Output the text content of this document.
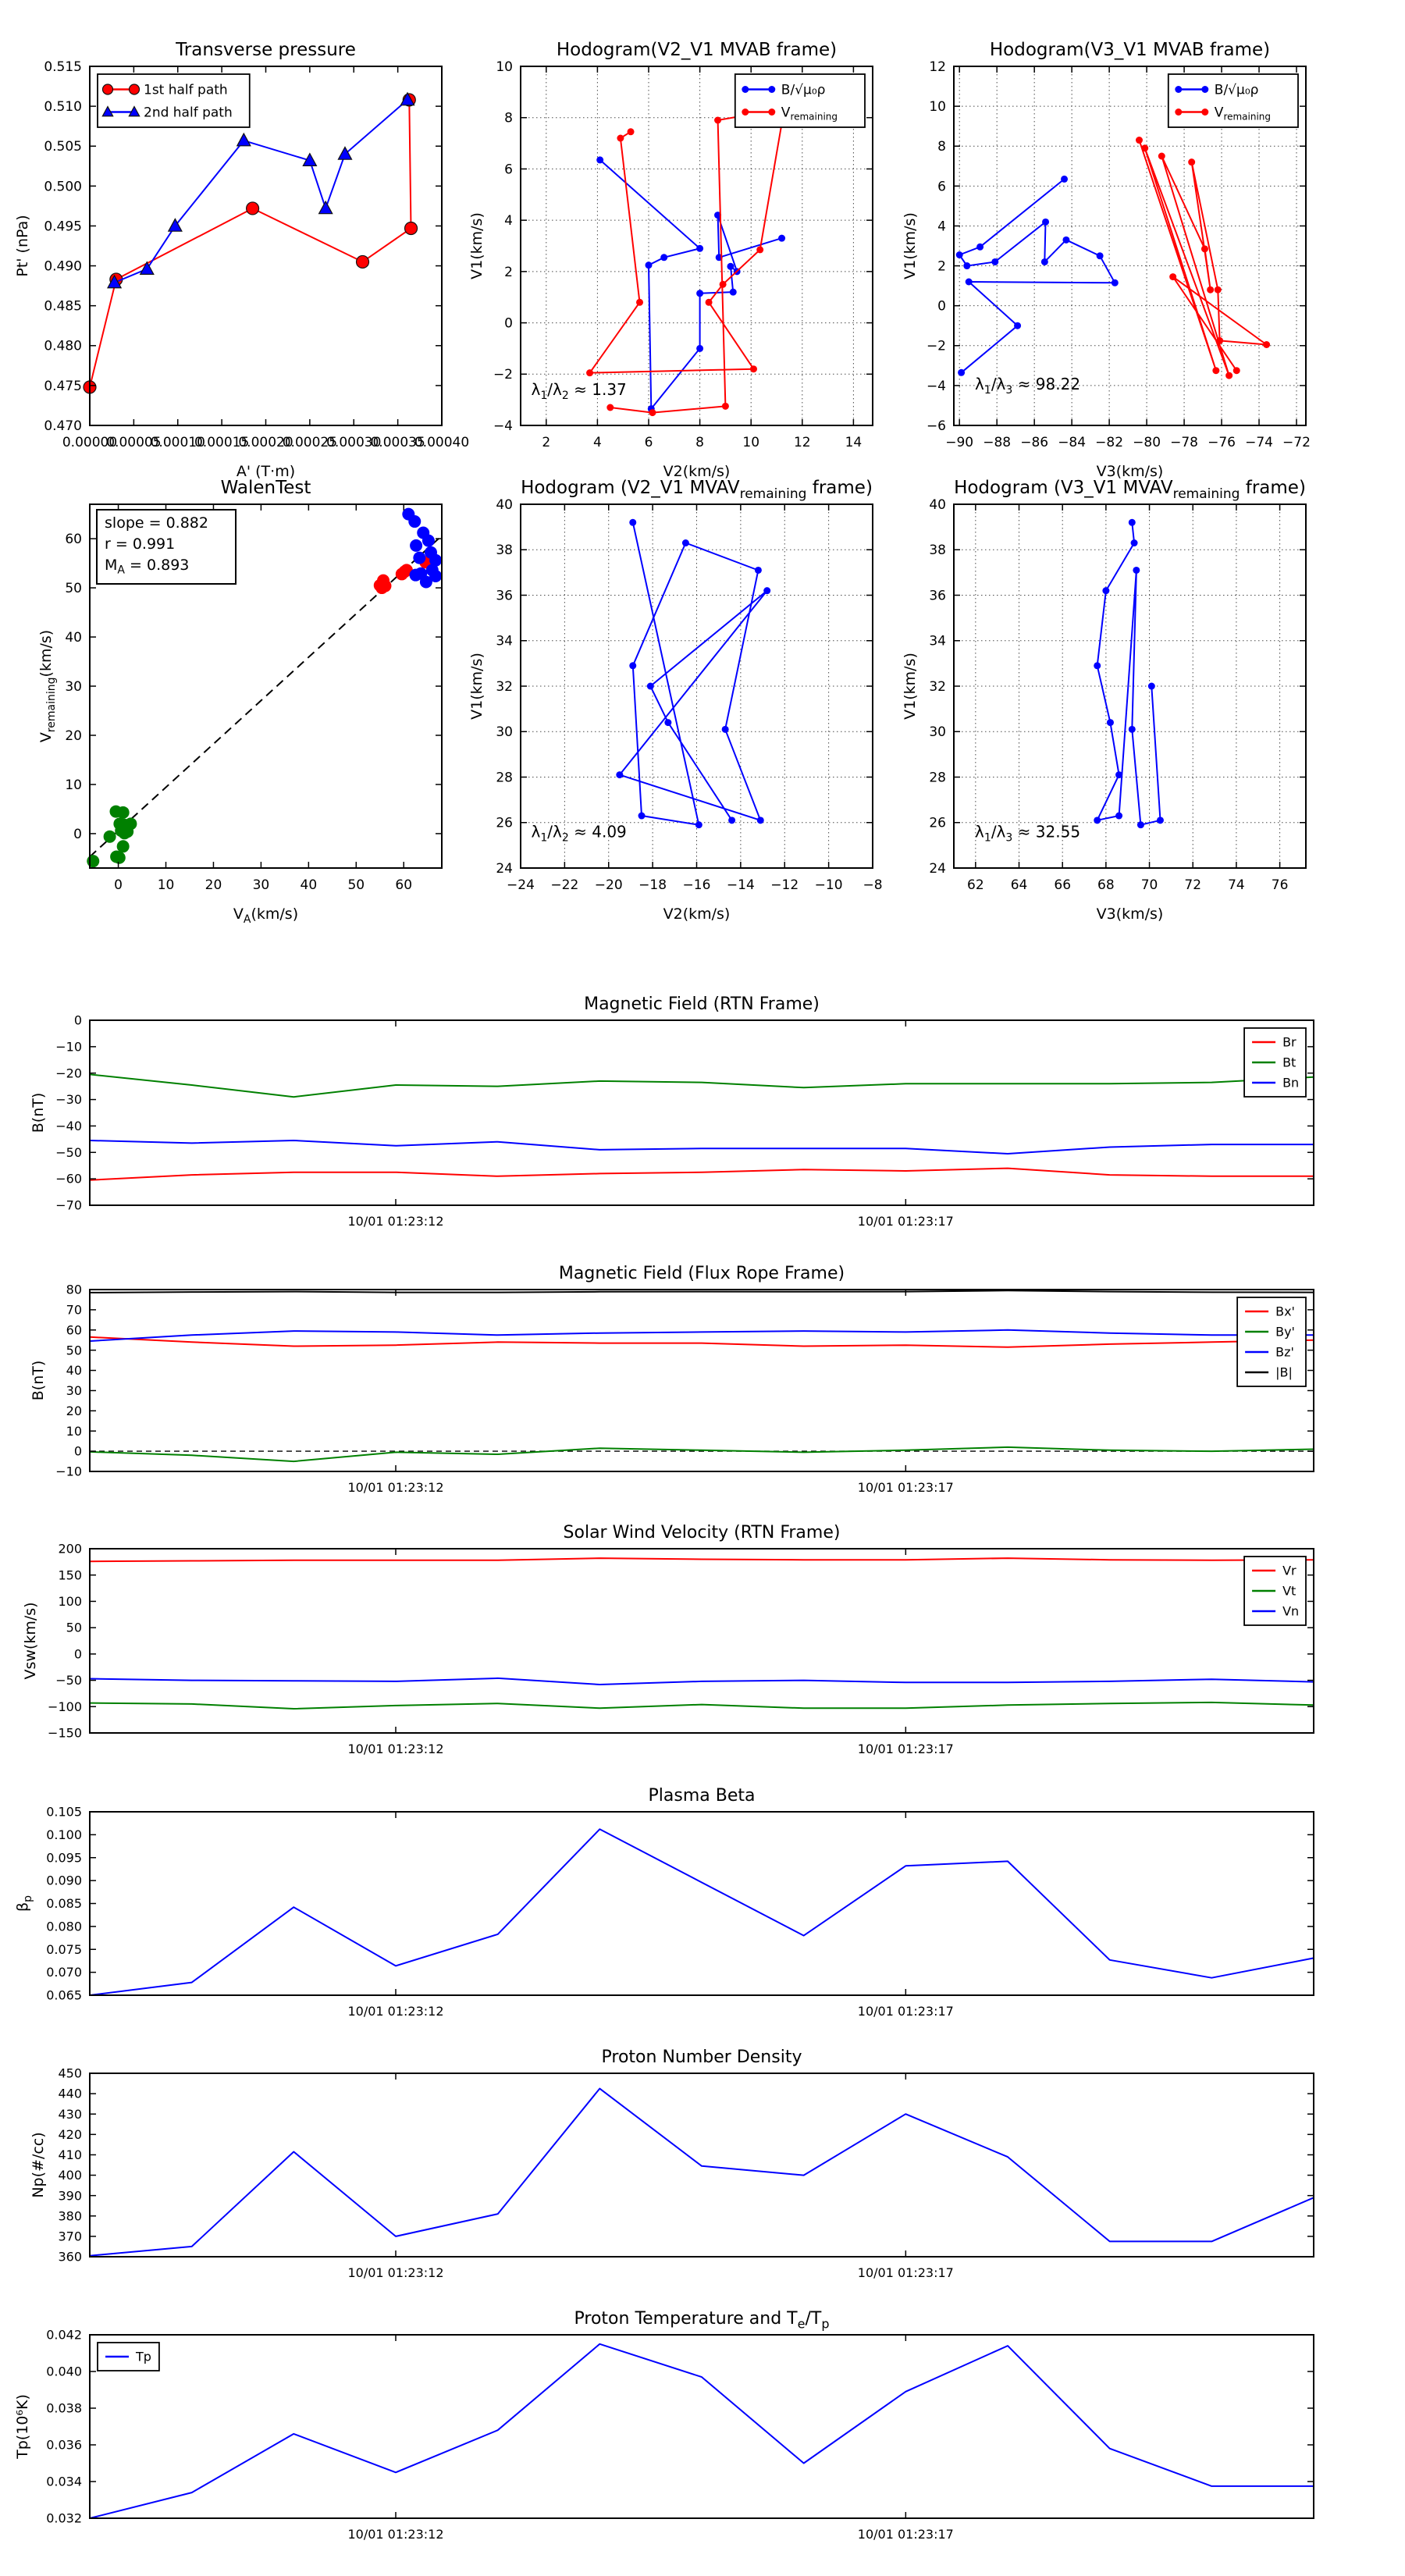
0.00000
0.00005
0.00010
0.00015
0.00020
0.00025
0.00030
0.00035
0.00040
0.470
0.475
0.480
0.485
0.490
0.495
0.500
0.505
0.510
0.515
Transverse pressure
A' (T·m)
Pt' (nPa)
1st half path
2nd half path
2	4	6	8	10	12	14
−4
−2
0
2
4
6
8
10
Hodogram(V2_V1 MVAB frame)
V2(km/s)
V1(km/s)
$\lambda_1/\lambda_2 \approx 1.37$
B/√μ₀ρ
$V_{remaining}$
−90 −88 −86 −84 −82 −80 −78 −76 −74 −72
−6
−4
−2
0
2
4
6
8
10
12
Hodogram(V3_V1 MVAB frame)
V3(km/s)
V1(km/s)
$\lambda_1/\lambda_3 \approx 98.22$
B/√μ₀ρ
$V_{remaining}$
0	10 20 30 40 50 60
0
10
20
30
40
50
60
WalenTest
$V_A(km/s)$
$V_{remaining}(km/s)$
slope = 0.882
r = 0.991
$M_A = 0.893$
−24 −22 −20 −18 −16 −14 −12 −10 −8
24
26
28
30
32
34
36
38
40
Hodogram (V2_V1 $MVAV_{remaining}$ frame)
V2(km/s)
V1(km/s)
$\lambda_1/\lambda_2 \approx 4.09$
62 64 66 68 70 72 74 76
24
26
28
30
32
34
36
38
40
Hodogram (V3_V1 $MVAV_{remaining}$ frame)
V3(km/s)
V1(km/s)
$\lambda_1/\lambda_3 \approx 32.55$
10/01 01:23:12	10/01 01:23:17
−70
−60
−50
−40
−30
−20
−10
0
Magnetic Field (RTN Frame)
B(nT)
Br
Bt
Bn
10/01 01:23:12	10/01 01:23:17
−10
0
10
20
30
40
50
60
70
80
Magnetic Field (Flux Rope Frame)
B(nT)
Bx'
By'
Bz'
|B|
10/01 01:23:12	10/01 01:23:17
−150
−100
−50
0
50
100
150
200
Solar Wind Velocity (RTN Frame)
Vsw(km/s)
Vr
Vt
Vn
10/01 01:23:12	10/01 01:23:17
0.065
0.070
0.075
0.080
0.085
0.090
0.095
0.100
0.105
Plasma Beta
$\beta_p$
10/01 01:23:12	10/01 01:23:17
360
370
380
390
400
410
420
430
440
450
Proton Number Density
Np(#/cc)
10/01 01:23:12	10/01 01:23:17
0.032
0.034
0.036
0.038
0.040
0.042
Proton Temperature and $T_e/T_p$
Tp(10⁶K)
Tp
